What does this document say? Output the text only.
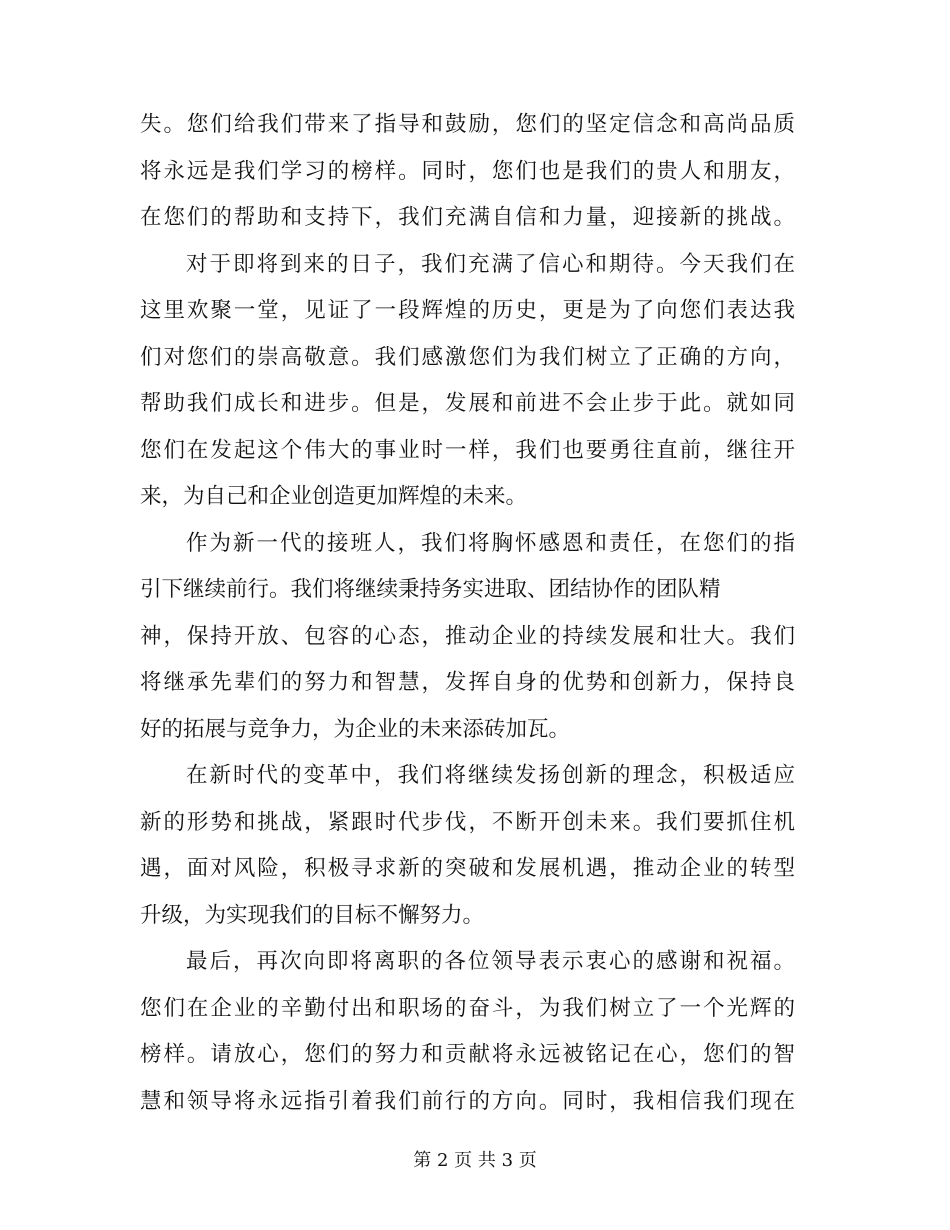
失。您们给我们带来了指导和鼓励，您们的坚定信念和高尚品质
将永远是我们学习的榜样。同时，您们也是我们的贵人和朋友，
在您们的帮助和支持下，我们充满自信和力量，迎接新的挑战。
对于即将到来的日子，我们充满了信心和期待。今天我们在
这里欢聚一堂，见证了一段辉煌的历史，更是为了向您们表达我
们对您们的崇高敬意。我们感激您们为我们树立了正确的方向，
帮助我们成长和进步。但是，发展和前进不会止步于此。就如同
您们在发起这个伟大的事业时一样，我们也要勇往直前，继往开
来，为自己和企业创造更加辉煌的未来。
作为新一代的接班人，我们将胸怀感恩和责任，在您们的指
引下继续前行。我们将继续秉持务实进取、团结协作的团队精
神，保持开放、包容的心态，推动企业的持续发展和壮大。我们
将继承先辈们的努力和智慧，发挥自身的优势和创新力，保持良
好的拓展与竞争力，为企业的未来添砖加瓦。
在新时代的变革中，我们将继续发扬创新的理念，积极适应
新的形势和挑战，紧跟时代步伐，不断开创未来。我们要抓住机
遇，面对风险，积极寻求新的突破和发展机遇，推动企业的转型
升级，为实现我们的目标不懈努力。
最后，再次向即将离职的各位领导表示衷心的感谢和祝福。
您们在企业的辛勤付出和职场的奋斗，为我们树立了一个光辉的
榜样。请放心，您们的努力和贡献将永远被铭记在心，您们的智
慧和领导将永远指引着我们前行的方向。同时，我相信我们现在
第 2 页 共 3 页
